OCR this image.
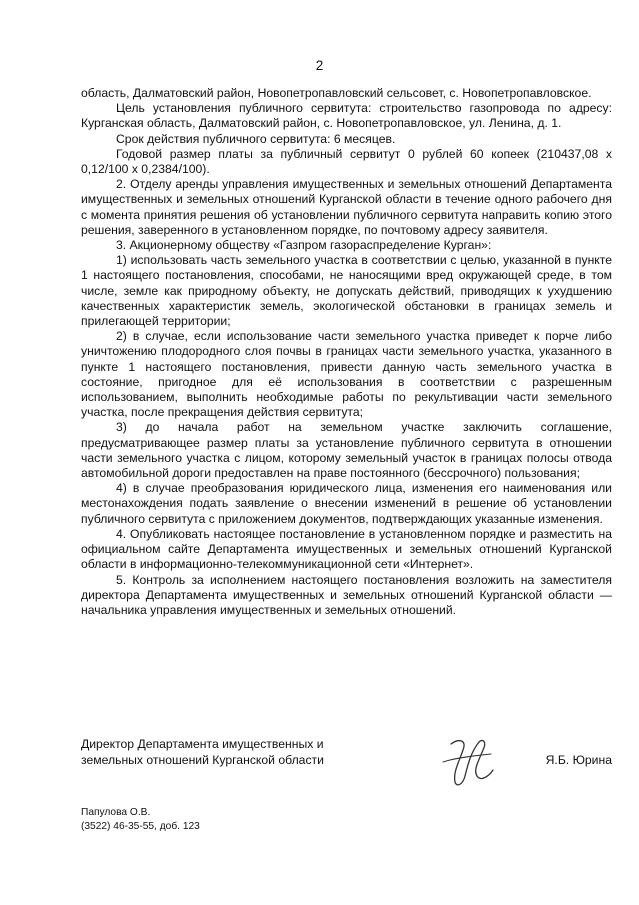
2

область, Далматовский район, Новопетропавловский сельсовет, с. Новопетропавловское.

Цель установления публичного сервитута: строительство газопровода по адресу: Курганская область, Далматовский район, с. Новопетропавловское, ул. Ленина, д. 1.

Срок действия публичного сервитута: 6 месяцев.

Годовой размер платы за публичный сервитут 0 рублей 60 копеек (210437,08 х 0,12/100 х 0,2384/100).

2. Отделу аренды управления имущественных и земельных отношений Департамента имущественных и земельных отношений Курганской области в течение одного рабочего дня с момента принятия решения об установлении публичного сервитута направить копию этого решения, заверенного в установленном порядке, по почтовому адресу заявителя.

3. Акционерному обществу «Газпром газораспределение Курган»:

1) использовать часть земельного участка в соответствии с целью, указанной в пункте 1 настоящего постановления, способами, не наносящими вред окружающей среде, в том числе, земле как природному объекту, не допускать действий, приводящих к ухудшению качественных характеристик земель, экологической обстановки в границах земель и прилегающей территории;

2) в случае, если использование части земельного участка приведет к порче либо уничтожению плодородного слоя почвы в границах части земельного участка, указанного в пункте 1 настоящего постановления, привести данную часть земельного участка в состояние, пригодное для её использования в соответствии с разрешенным использованием, выполнить необходимые работы по рекультивации части земельного участка, после прекращения действия сервитута;

3) до начала работ на земельном участке заключить соглашение, предусматривающее размер платы за установление публичного сервитута в отношении части земельного участка с лицом, которому земельный участок в границах полосы отвода автомобильной дороги предоставлен на праве постоянного (бессрочного) пользования;

4) в случае преобразования юридического лица, изменения его наименования или местонахождения подать заявление о внесении изменений в решение об установлении публичного сервитута с приложением документов, подтверждающих указанные изменения.

4. Опубликовать настоящее постановление в установленном порядке и разместить на официальном сайте Департамента имущественных и земельных отношений Курганской области в информационно-телекоммуникационной сети «Интернет».

5. Контроль за исполнением настоящего постановления возложить на заместителя директора Департамента имущественных и земельных отношений Курганской области — начальника управления имущественных и земельных отношений.

Директор Департамента имущественных и
земельных отношений Курганской области	Я.Б. Юрина
Папулова О.В.
(3522) 46-35-55, доб. 123
